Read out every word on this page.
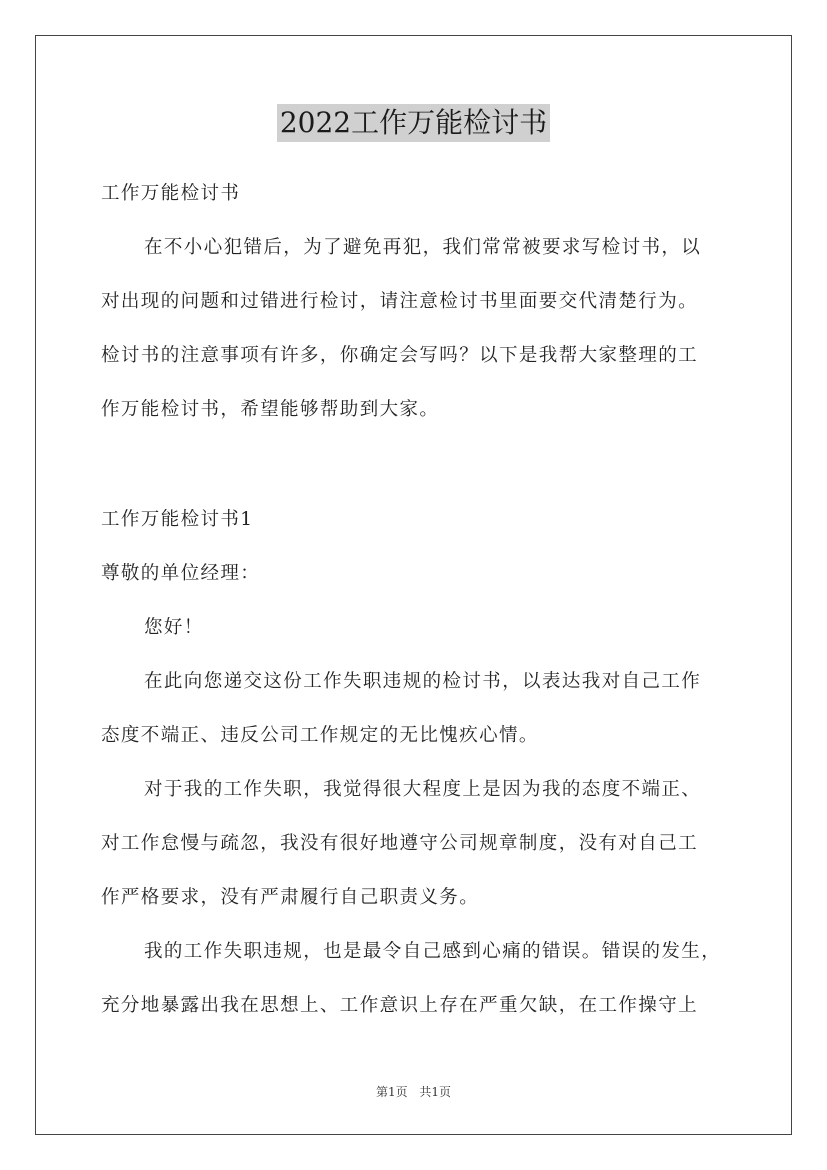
2022工作万能检讨书
工作万能检讨书
在不小心犯错后，为了避免再犯，我们常常被要求写检讨书，以
对出现的问题和过错进行检讨，请注意检讨书里面要交代清楚行为。
检讨书的注意事项有许多，你确定会写吗？以下是我帮大家整理的工
作万能检讨书，希望能够帮助到大家。
工作万能检讨书1
尊敬的单位经理：
您好！
在此向您递交这份工作失职违规的检讨书，以表达我对自己工作
态度不端正、违反公司工作规定的无比愧疚心情。
对于我的工作失职，我觉得很大程度上是因为我的态度不端正、
对工作怠慢与疏忽，我没有很好地遵守公司规章制度，没有对自己工
作严格要求，没有严肃履行自己职责义务。
我的工作失职违规，也是最令自己感到心痛的错误。错误的发生，
充分地暴露出我在思想上、工作意识上存在严重欠缺，在工作操守上
第1页 共1页
